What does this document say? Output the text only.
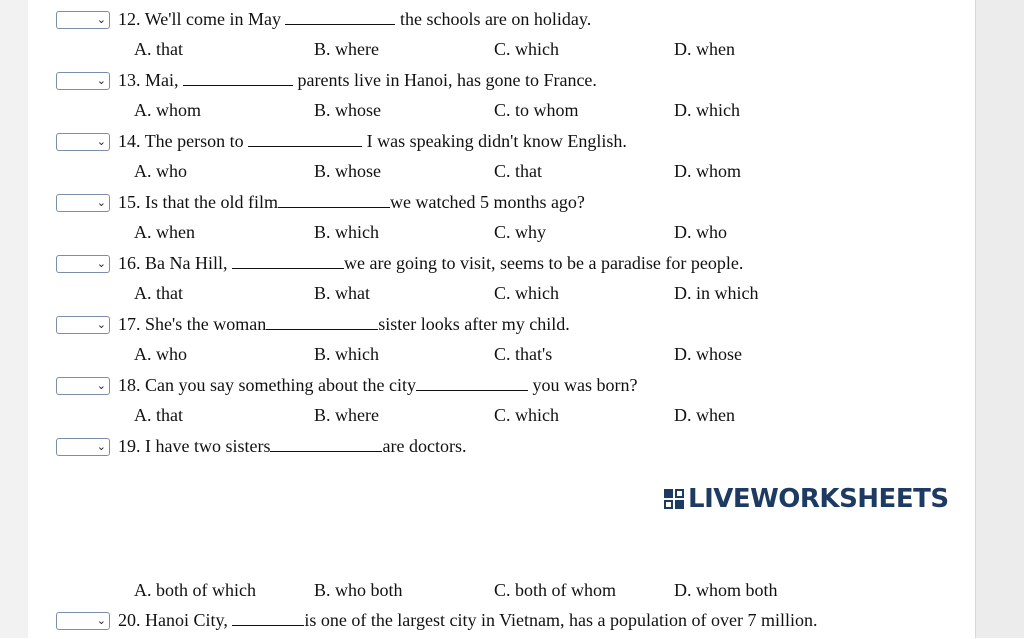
⌄ 12. We'll come in May	the schools are on holiday.
A. that	B. where	C. which	D. when
⌄ 13. Mai,	parents live in Hanoi, has gone to France.
A. whom	B. whose	C. to whom	D. which
⌄ 14. The person to	I was speaking didn't know English.
A. who	B. whose	C. that	D. whom
⌄ 15. Is that the old film	we watched 5 months ago?
A. when	B. which	C. why	D. who
⌄ 16. Ba Na Hill,	we are going to visit, seems to be a paradise for people.
A. that	B. what	C. which	D. in which
⌄ 17. She's the woman	sister looks after my child.
A. who	B. which	C. that's	D. whose
⌄ 18. Can you say something about the city	you was born?
A. that	B. where	C. which	D. when
⌄ 19. I have two sisters	are doctors.
A. both of which	B. who both	C. both of whom	D. whom both
⌄ 20. Hanoi City,	is one of the largest city in Vietnam, has a population of over 7 million.
LIVEWORKSHEETS
